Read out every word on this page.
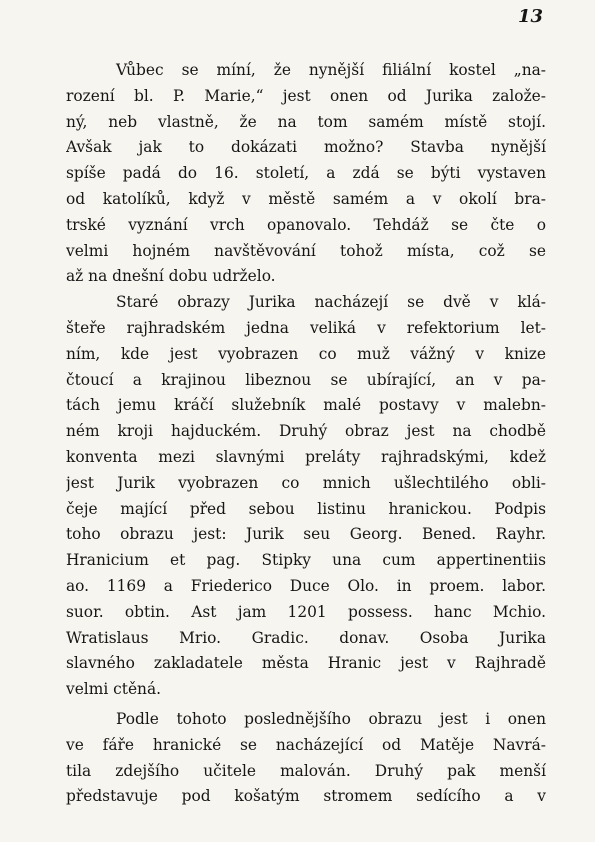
13
Vůbec se míní, že nynější filiální kostel „na-
rození bl. P. Marie,“ jest onen od Jurika založe-
ný, neb vlastně, že na tom samém místě stojí.
Avšak jak to dokázati možno? Stavba nynější
spíše padá do 16. století, a zdá se býti vystaven
od katolíků, když v městě samém a v okolí bra-
trské vyznání vrch opanovalo. Tehdáž se čte o
velmi hojném navštěvování tohož místa, což se
až na dnešní dobu udrželo.
Staré obrazy Jurika nacházejí se dvě v klá-
šteře rajhradském jedna veliká v refektorium let-
ním, kde jest vyobrazen co muž vážný v knize
čtoucí a krajinou libeznou se ubírající, an v pa-
tách jemu kráčí služebník malé postavy v malebn-
ném kroji hajduckém. Druhý obraz jest na chodbě
konventa mezi slavnými preláty rajhradskými, kdež
jest Jurik vyobrazen co mnich ušlechtilého obli-
čeje mající před sebou listinu hranickou. Podpis
toho obrazu jest: Jurik seu Georg. Bened. Rayhr.
Hranicium et pag. Stipky una cum appertinentiis
ao. 1169 a Friederico Duce Olo. in proem. labor.
suor. obtin. Ast jam 1201 possess. hanc Mchio.
Wratislaus Mrio. Gradic. donav. Osoba Jurika
slavného zakladatele města Hranic jest v Rajhradě
velmi ctěná.
Podle tohoto poslednějšího obrazu jest i onen
ve fáře hranické se nacházející od Matěje Navrá-
tila zdejšího učitele malován. Druhý pak menší
představuje pod košatým stromem sedícího a v
